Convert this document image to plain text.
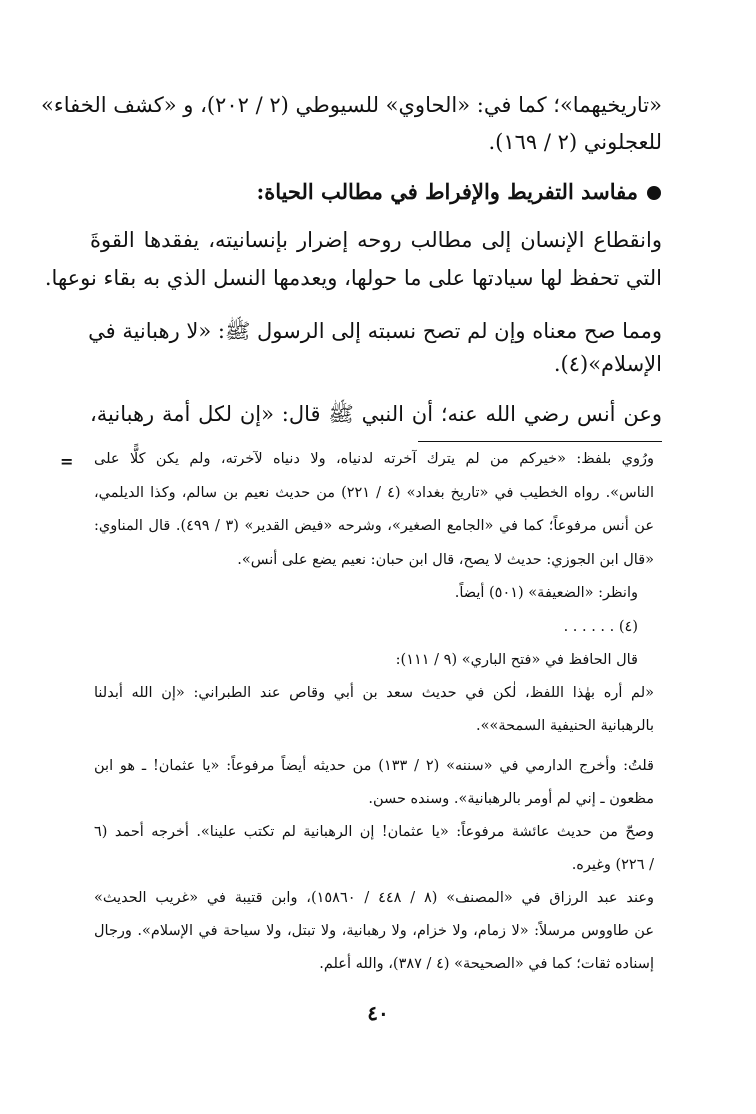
«تاريخيهما»؛ كما في: «الحاوي» للسيوطي (٢ / ٢٠٢)، و «كشف الخفاء»
للعجلوني (٢ / ١٦٩).
مفاسد التفريط والإفراط في مطالب الحياة:
وانقطاع الإنسان إلى مطالب روحه إضرار بإنسانيته، يفقدها القوةَ
التي تحفظ لها سيادتها على ما حولها، ويعدمها النسل الذي به بقاء نوعها.
ومما صح معناه وإن لم تصح نسبته إلى الرسول ﷺ: «لا رهبانية في
الإسلام»(٤).
وعن أنس رضي الله عنه؛ أن النبي ﷺ قال: «إن لكل أمة رهبانية،
= ورُوي بلفظ: «خيركم من لم يترك آخرته لدنياه، ولا دنياه لآخرته، ولم يكن كلًّا على
الناس». رواه الخطيب في «تاريخ بغداد» (٤ / ٢٢١) من حديث نعيم بن سالم، وكذا الديلمي،
عن أنس مرفوعاً؛ كما في «الجامع الصغير»، وشرحه «فيض القدير» (٣ / ٤٩٩). قال المناوي:
«قال ابن الجوزي: حديث لا يصح، قال ابن حبان: نعيم يضع على أنس».
وانظر: «الضعيفة» (٥٠١) أيضاً.
(٤) . . . . . .
قال الحافظ في «فتح الباري» (٩ / ١١١):
«لم أره بهٰذا اللفظ، لٰكن في حديث سعد بن أبي وقاص عند الطبراني: «إن الله أبدلنا
بالرهبانية الحنيفية السمحة»».
قلتُ: وأخرج الدارمي في «سننه» (٢ / ١٣٣) من حديثه أيضاً مرفوعاً: «يا عثمان! ـ هو ابن
مظعون ـ إني لم أومر بالرهبانية». وسنده حسن.
وصحّ من حديث عائشة مرفوعاً: «يا عثمان! إن الرهبانية لم تكتب علينا». أخرجه أحمد (٦
/ ٢٢٦) وغيره.
وعند عبد الرزاق في «المصنف» (٨ / ٤٤٨ / ١٥٨٦٠)، وابن قتيبة في «غريب الحديث»
عن طاووس مرسلاً: «لا زمام، ولا خزام، ولا رهبانية، ولا تبتل، ولا سياحة في الإسلام». ورجال
إسناده ثقات؛ كما في «الصحيحة» (٤ / ٣٨٧)، والله أعلم.
٤٠
